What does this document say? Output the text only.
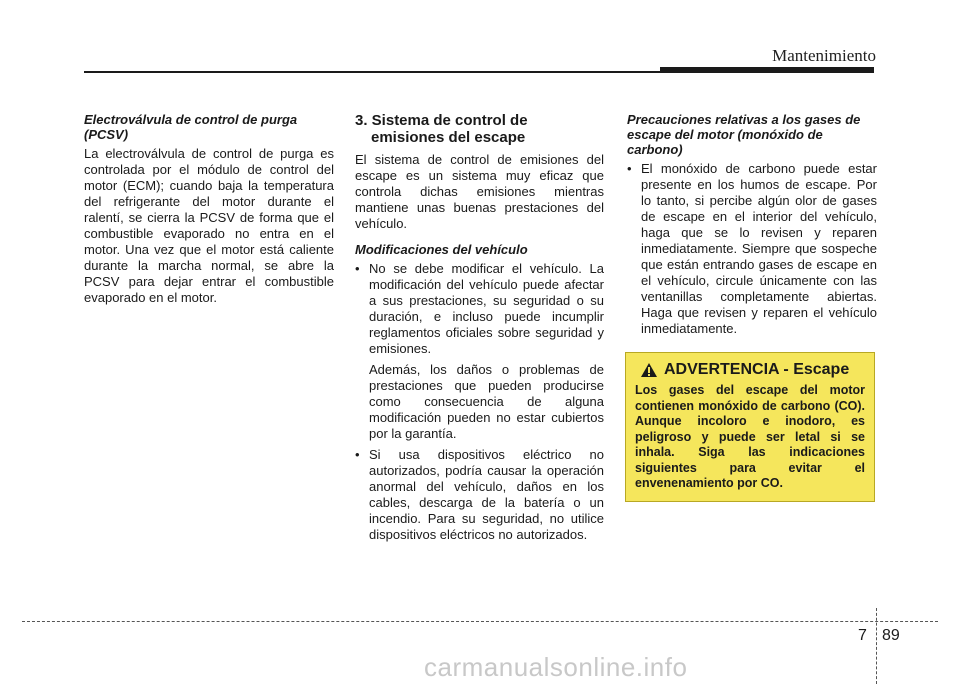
Mantenimiento
Electroválvula de control de purga (PCSV)
La electroválvula de control de purga es controlada por el módulo de control del motor (ECM); cuando baja la temperatura del refrigerante del motor durante el ralentí, se cierra la PCSV de forma que el combustible evaporado no entra en el motor. Una vez que el motor está caliente durante la marcha normal, se abre la PCSV para dejar entrar el combustible evaporado en el motor.
3. Sistema de control de emisiones del escape
El sistema de control de emisiones del escape es un sistema muy eficaz que controla dichas emisiones mientras mantiene unas buenas prestaciones del vehículo.
Modificaciones del vehículo
• No se debe modificar el vehículo. La modificación del vehículo puede afectar a sus prestaciones, su seguridad o su duración, e incluso puede incumplir reglamentos oficiales sobre seguridad y emisiones.
Además, los daños o problemas de prestaciones que pueden producirse como consecuencia de alguna modificación pueden no estar cubiertos por la garantía.
• Si usa dispositivos eléctrico no autorizados, podría causar la operación anormal del vehículo, daños en los cables, descarga de la batería o un incendio. Para su seguridad, no utilice dispositivos eléctricos no autorizados.
Precauciones relativas a los gases de escape del motor (monóxido de carbono)
• El monóxido de carbono puede estar presente en los humos de escape. Por lo tanto, si percibe algún olor de gases de escape en el interior del vehículo, haga que se lo revisen y reparen inmediatamente. Siempre que sospeche que están entrando gases de escape en el vehículo, circule únicamente con las ventanillas completamente abiertas. Haga que revisen y reparen el vehículo inmediatamente.
ADVERTENCIA - Escape
Los gases del escape del motor contienen monóxido de carbono (CO). Aunque incoloro e inodoro, es peligroso y puede ser letal si se inhala. Siga las indicaciones siguientes para evitar el envenenamiento por CO.
7 89
carmanualsonline.info
